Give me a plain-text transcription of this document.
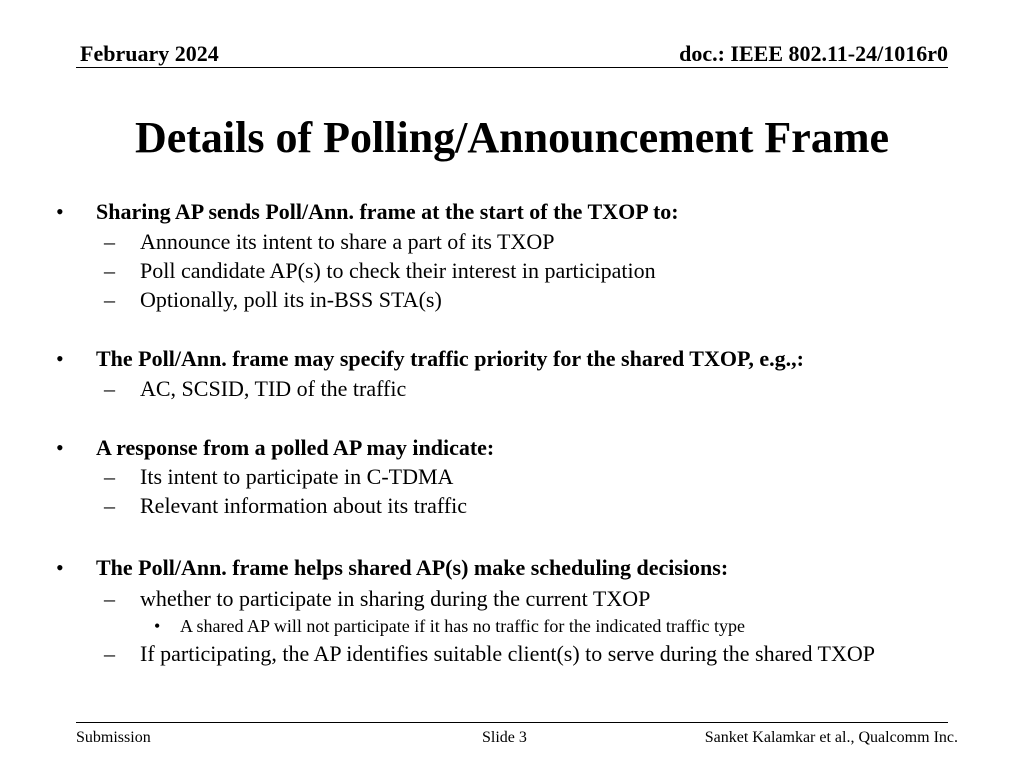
February 2024	doc.: IEEE 802.11-24/1016r0
Details of Polling/Announcement Frame
• Sharing AP sends Poll/Ann. frame at the start of the TXOP to:
– Announce its intent to share a part of its TXOP
– Poll candidate AP(s) to check their interest in participation
– Optionally, poll its in-BSS STA(s)
• The Poll/Ann. frame may specify traffic priority for the shared TXOP, e.g.,:
– AC, SCSID, TID of the traffic
• A response from a polled AP may indicate:
– Its intent to participate in C-TDMA
– Relevant information about its traffic
• The Poll/Ann. frame helps shared AP(s) make scheduling decisions:
– whether to participate in sharing during the current TXOP
• A shared AP will not participate if it has no traffic for the indicated traffic type
– If participating, the AP identifies suitable client(s) to serve during the shared TXOP
Submission	Slide 3	Sanket Kalamkar et al., Qualcomm Inc.
